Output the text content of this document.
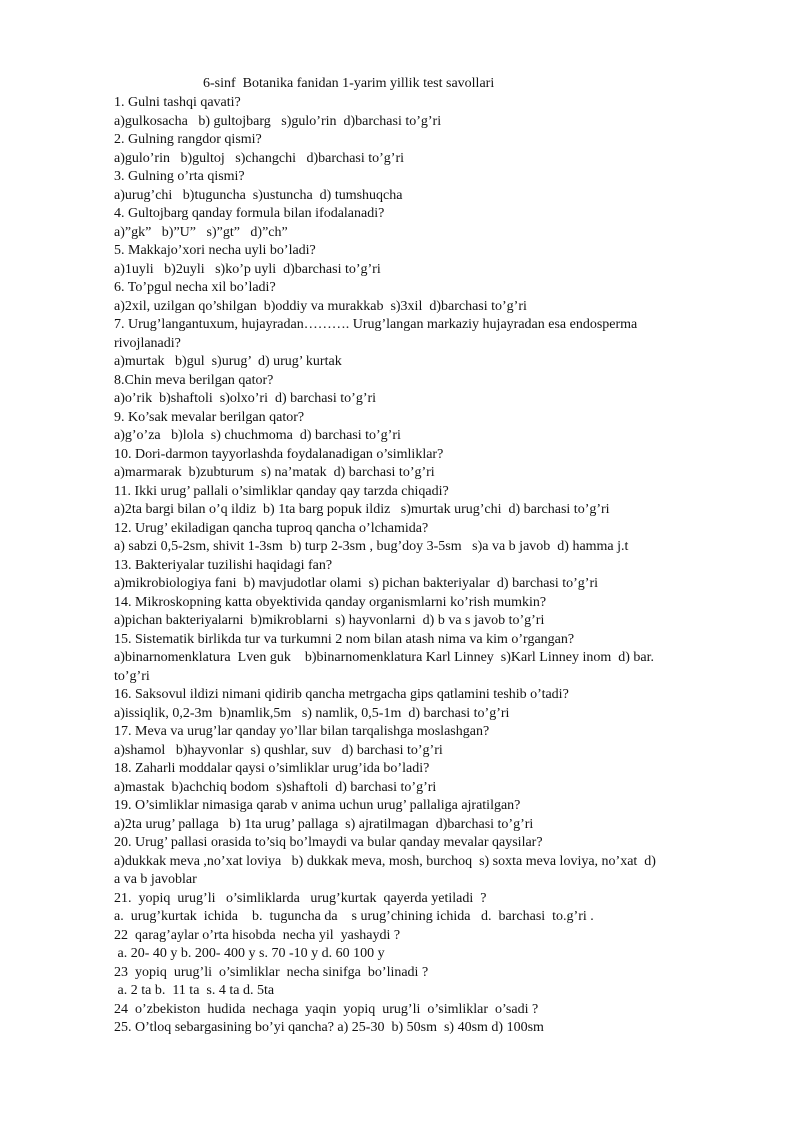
6-sinf  Botanika fanidan 1-yarim yillik test savollari
1. Gulni tashqi qavati?
a)gulkosacha   b) gultojbarg   s)gulo’rin  d)barchasi to’g’ri
2. Gulning rangdor qismi?
a)gulo’rin   b)gultoj   s)changchi   d)barchasi to’g’ri
3. Gulning o’rta qismi?
a)urug’chi   b)tuguncha  s)ustuncha  d) tumshuqcha
4. Gultojbarg qanday formula bilan ifodalanadi?
a)”gk”   b)”U”   s)”gt”   d)”ch”
5. Makkajo’xori necha uyli bo’ladi?
a)1uyli   b)2uyli   s)ko’p uyli  d)barchasi to’g’ri
6. To’pgul necha xil bo’ladi?
a)2xil, uzilgan qo’shilgan  b)oddiy va murakkab  s)3xil  d)barchasi to’g’ri
7. Urug’langantuxum, hujayradan………. Urug’langan markaziy hujayradan esa endosperma
rivojlanadi?
a)murtak   b)gul  s)urug’  d) urug’ kurtak
8.Chin meva berilgan qator?
a)o’rik  b)shaftoli  s)olxo’ri  d) barchasi to’g’ri
9. Ko’sak mevalar berilgan qator?
a)g’o’za   b)lola  s) chuchmoma  d) barchasi to’g’ri
10. Dori-darmon tayyorlashda foydalanadigan o’simliklar?
a)marmarak  b)zubturum  s) na’matak  d) barchasi to’g’ri
11. Ikki urug’ pallali o’simliklar qanday qay tarzda chiqadi?
a)2ta bargi bilan o’q ildiz  b) 1ta barg popuk ildiz   s)murtak urug’chi  d) barchasi to’g’ri
12. Urug’ ekiladigan qancha tuproq qancha o’lchamida?
a) sabzi 0,5-2sm, shivit 1-3sm  b) turp 2-3sm , bug’doy 3-5sm   s)a va b javob  d) hamma j.t
13. Bakteriyalar tuzilishi haqidagi fan?
a)mikrobiologiya fani  b) mavjudotlar olami  s) pichan bakteriyalar  d) barchasi to’g’ri
14. Mikroskopning katta obyektivida qanday organismlarni ko’rish mumkin?
a)pichan bakteriyalarni  b)mikroblarni  s) hayvonlarni  d) b va s javob to’g’ri
15. Sistematik birlikda tur va turkumni 2 nom bilan atash nima va kim o’rgangan?
a)binarnomenklatura  Lven guk    b)binarnomenklatura Karl Linney  s)Karl Linney inom  d) bar.
to’g’ri
16. Saksovul ildizi nimani qidirib qancha metrgacha gips qatlamini teshib o’tadi?
a)issiqlik, 0,2-3m  b)namlik,5m   s) namlik, 0,5-1m  d) barchasi to’g’ri
17. Meva va urug’lar qanday yo’llar bilan tarqalishga moslashgan?
a)shamol   b)hayvonlar  s) qushlar, suv   d) barchasi to’g’ri
18. Zaharli moddalar qaysi o’simliklar urug’ida bo’ladi?
a)mastak  b)achchiq bodom  s)shaftoli  d) barchasi to’g’ri
19. O’simliklar nimasiga qarab v anima uchun urug’ pallaliga ajratilgan?
a)2ta urug’ pallaga   b) 1ta urug’ pallaga  s) ajratilmagan  d)barchasi to’g’ri
20. Urug’ pallasi orasida to’siq bo’lmaydi va bular qanday mevalar qaysilar?
a)dukkak meva ,no’xat loviya   b) dukkak meva, mosh, burchoq  s) soxta meva loviya, no’xat  d)
a va b javoblar
21.  yopiq  urug’li   o’simliklarda   urug’kurtak  qayerda yetiladi  ?
a.  urug’kurtak  ichida    b.  tuguncha da    s urug’chining ichida   d.  barchasi  to.g’ri .
22  qarag’aylar o’rta hisobda  necha yil  yashaydi ?
a. 20- 40 y b. 200- 400 y s. 70 -10 y d. 60 100 y
23  yopiq  urug’li  o’simliklar  necha sinifga  bo’linadi ?
a. 2 ta b.  11 ta  s. 4 ta d. 5ta
24  o’zbekiston  hudida  nechaga  yaqin  yopiq  urug’li  o’simliklar  o’sadi ?
25. O’tloq sebargasining bo’yi qancha? a) 25-30  b) 50sm  s) 40sm d) 100sm
